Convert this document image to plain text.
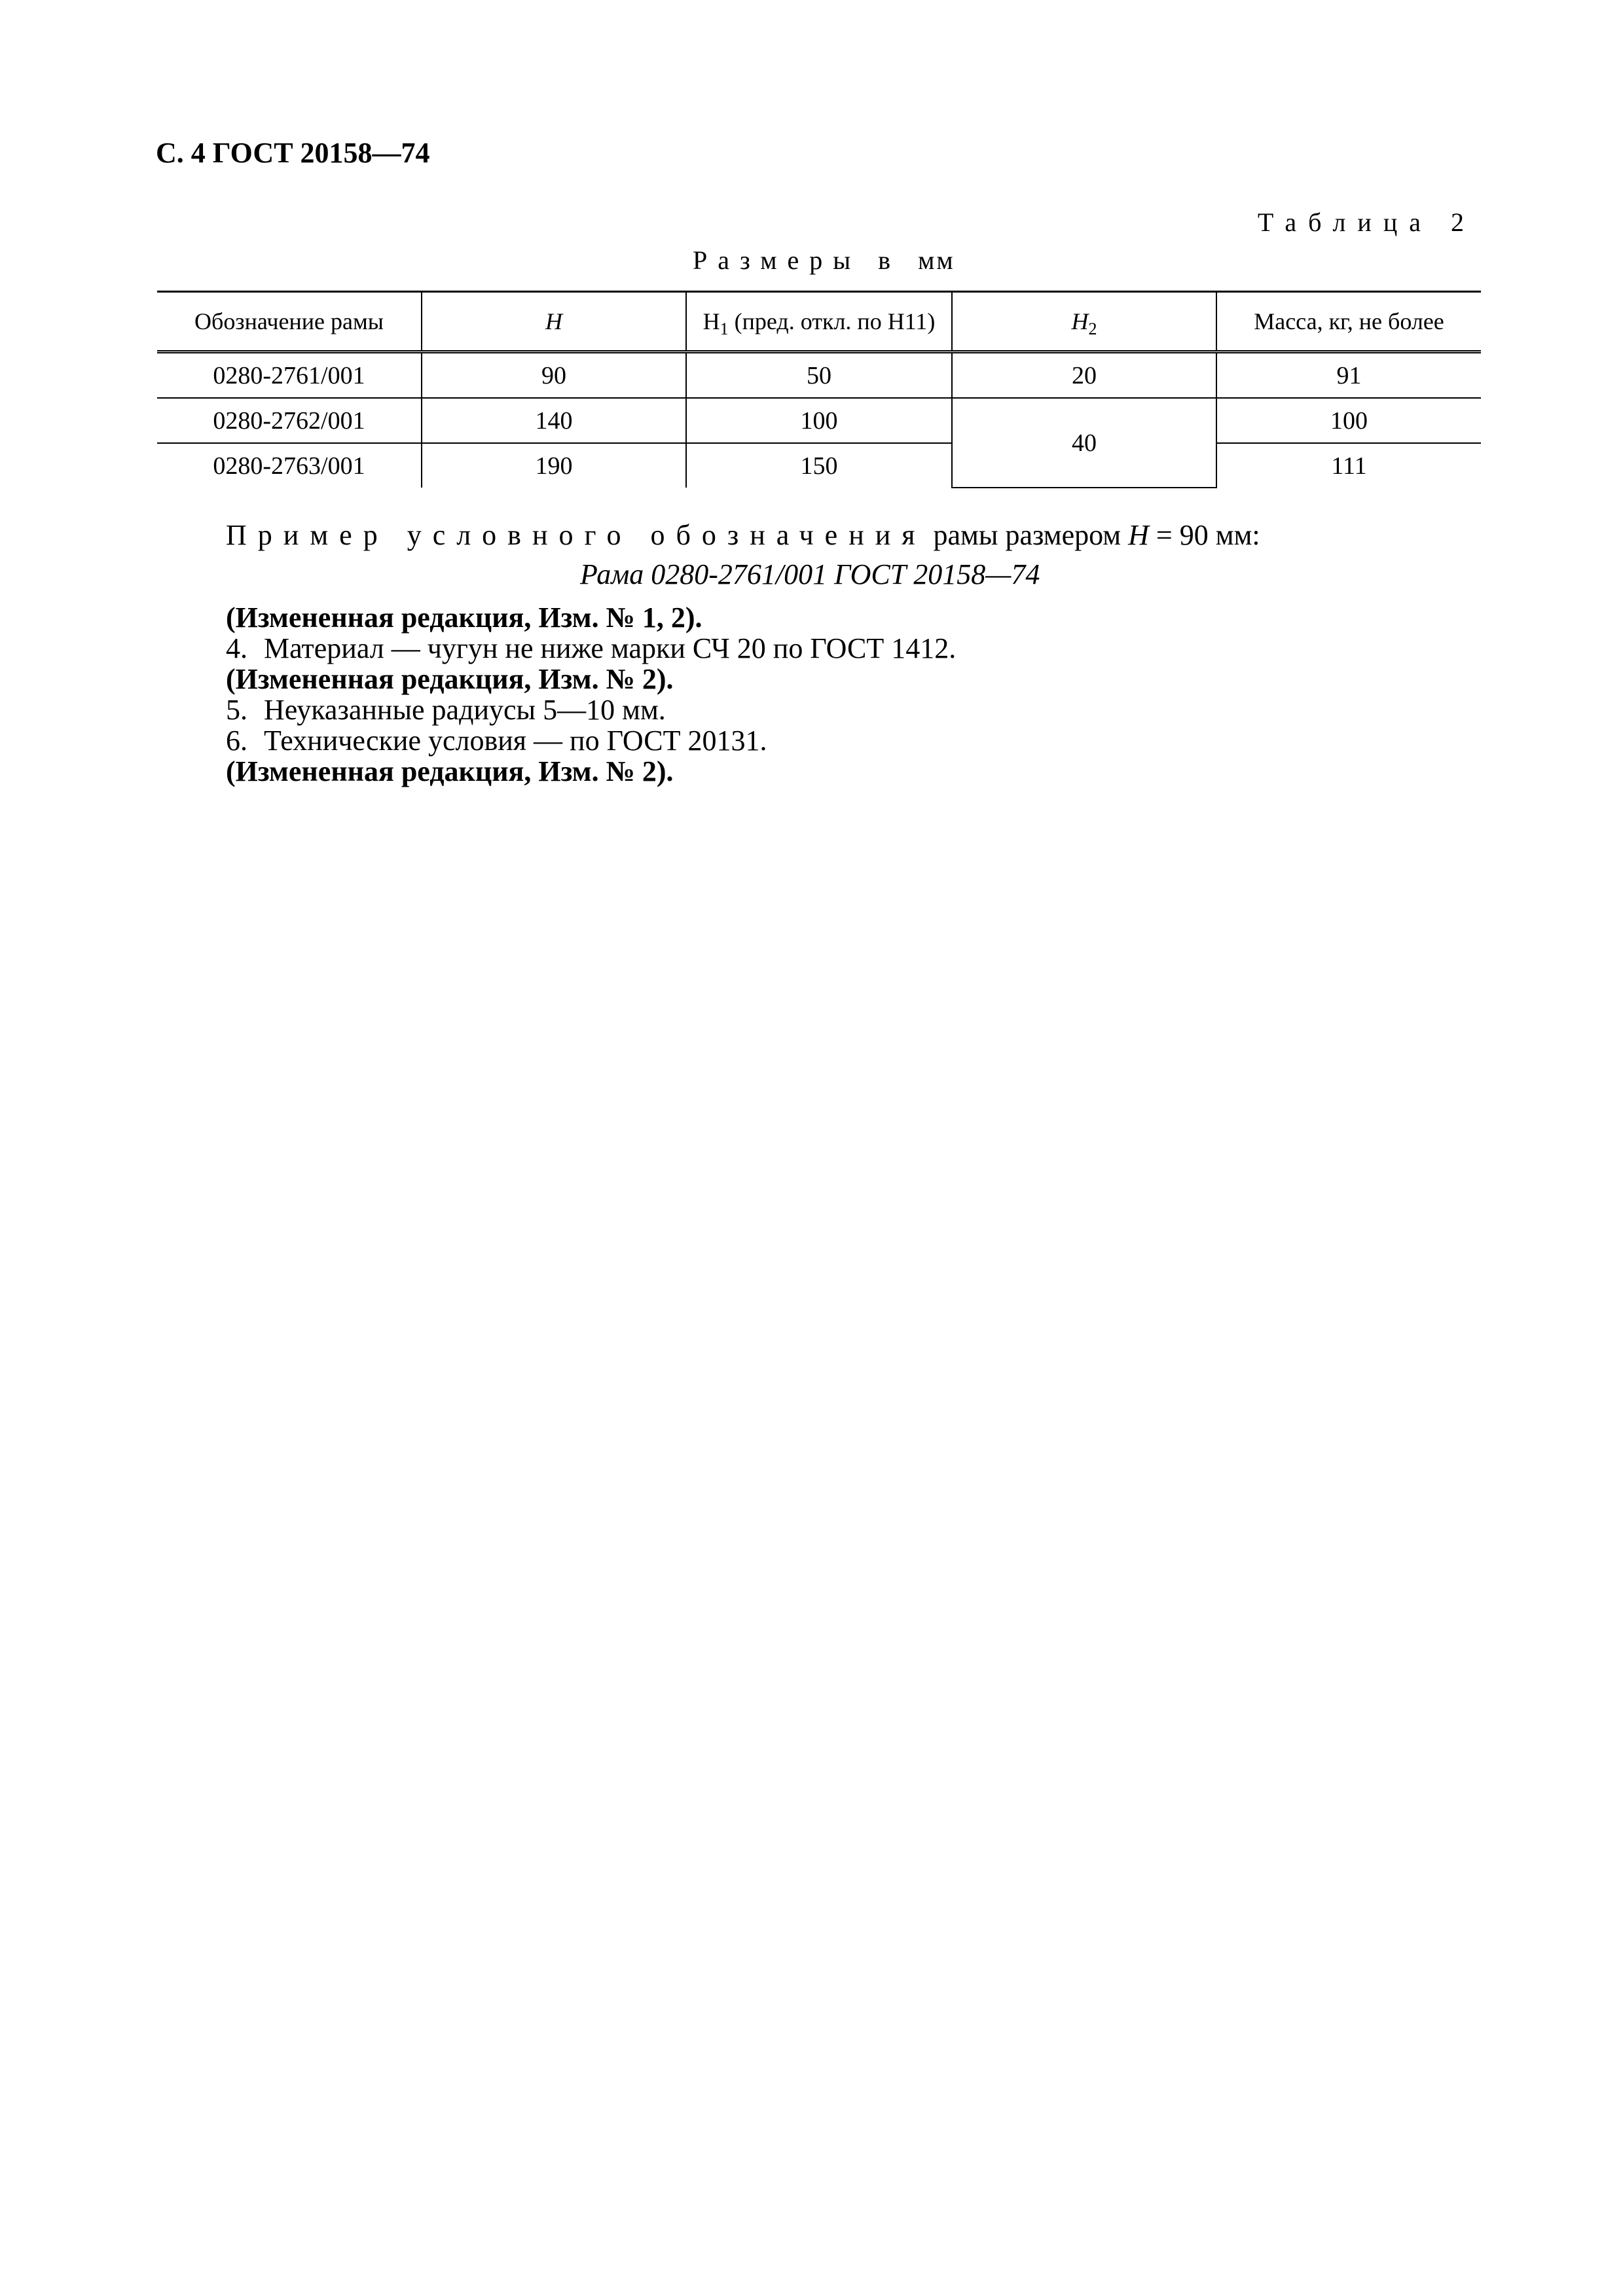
С. 4 ГОСТ 20158—74
Таблица 2
Размеры в мм
Обозначение рамы	H	$H_1$ (пред. откл. по H11)	$H_2$	Масса, кг, не более
0280-2761/001	90	50	20	91
0280-2762/001	140	100	40	100
0280-2763/001	190	150		111
Пример условного обозначения рамы размером H = 90 мм:
Рама 0280-2761/001 ГОСТ 20158—74
(Измененная редакция, Изм. № 1, 2).
4. Материал — чугун не ниже марки СЧ 20 по ГОСТ 1412.
(Измененная редакция, Изм. № 2).
5. Неуказанные радиусы 5—10 мм.
6. Технические условия — по ГОСТ 20131.
(Измененная редакция, Изм. № 2).
